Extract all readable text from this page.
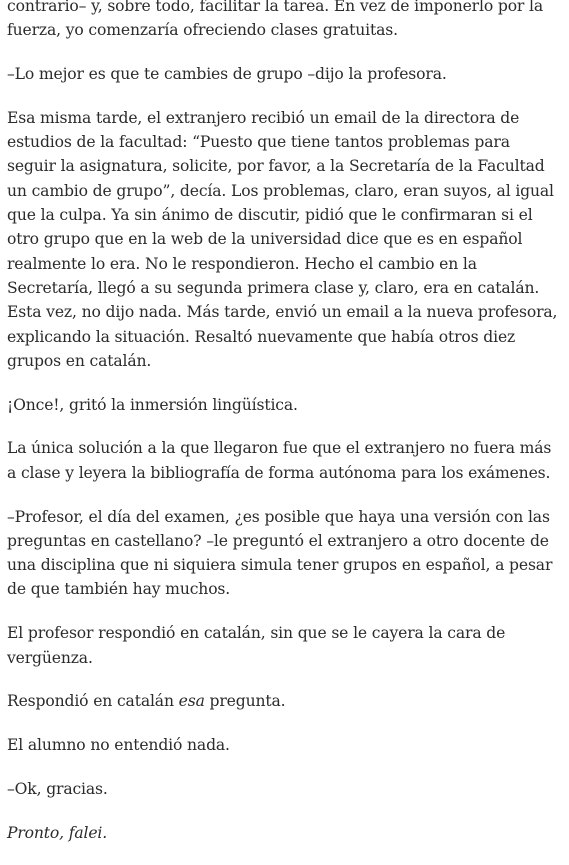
contrario– y, sobre todo, facilitar la tarea. En vez de imponerlo por la fuerza, yo comenzaría ofreciendo clases gratuitas.

–Lo mejor es que te cambies de grupo –dijo la profesora.

Esa misma tarde, el extranjero recibió un email de la directora de estudios de la facultad: “Puesto que tiene tantos problemas para seguir la asignatura, solicite, por favor, a la Secretaría de la Facultad un cambio de grupo”, decía. Los problemas, claro, eran suyos, al igual que la culpa. Ya sin ánimo de discutir, pidió que le confirmaran si el otro grupo que en la web de la universidad dice que es en español realmente lo era. No le respondieron. Hecho el cambio en la Secretaría, llegó a su segunda primera clase y, claro, era en catalán. Esta vez, no dijo nada. Más tarde, envió un email a la nueva profesora, explicando la situación. Resaltó nuevamente que había otros diez grupos en catalán.

¡Once!, gritó la inmersión lingüística.

La única solución a la que llegaron fue que el extranjero no fuera más a clase y leyera la bibliografía de forma autónoma para los exámenes.

–Profesor, el día del examen, ¿es posible que haya una versión con las preguntas en castellano? –le preguntó el extranjero a otro docente de una disciplina que ni siquiera simula tener grupos en español, a pesar de que también hay muchos.

El profesor respondió en catalán, sin que se le cayera la cara de vergüenza.

Respondió en catalán esa pregunta.

El alumno no entendió nada.

–Ok, gracias.

Pronto, falei.
